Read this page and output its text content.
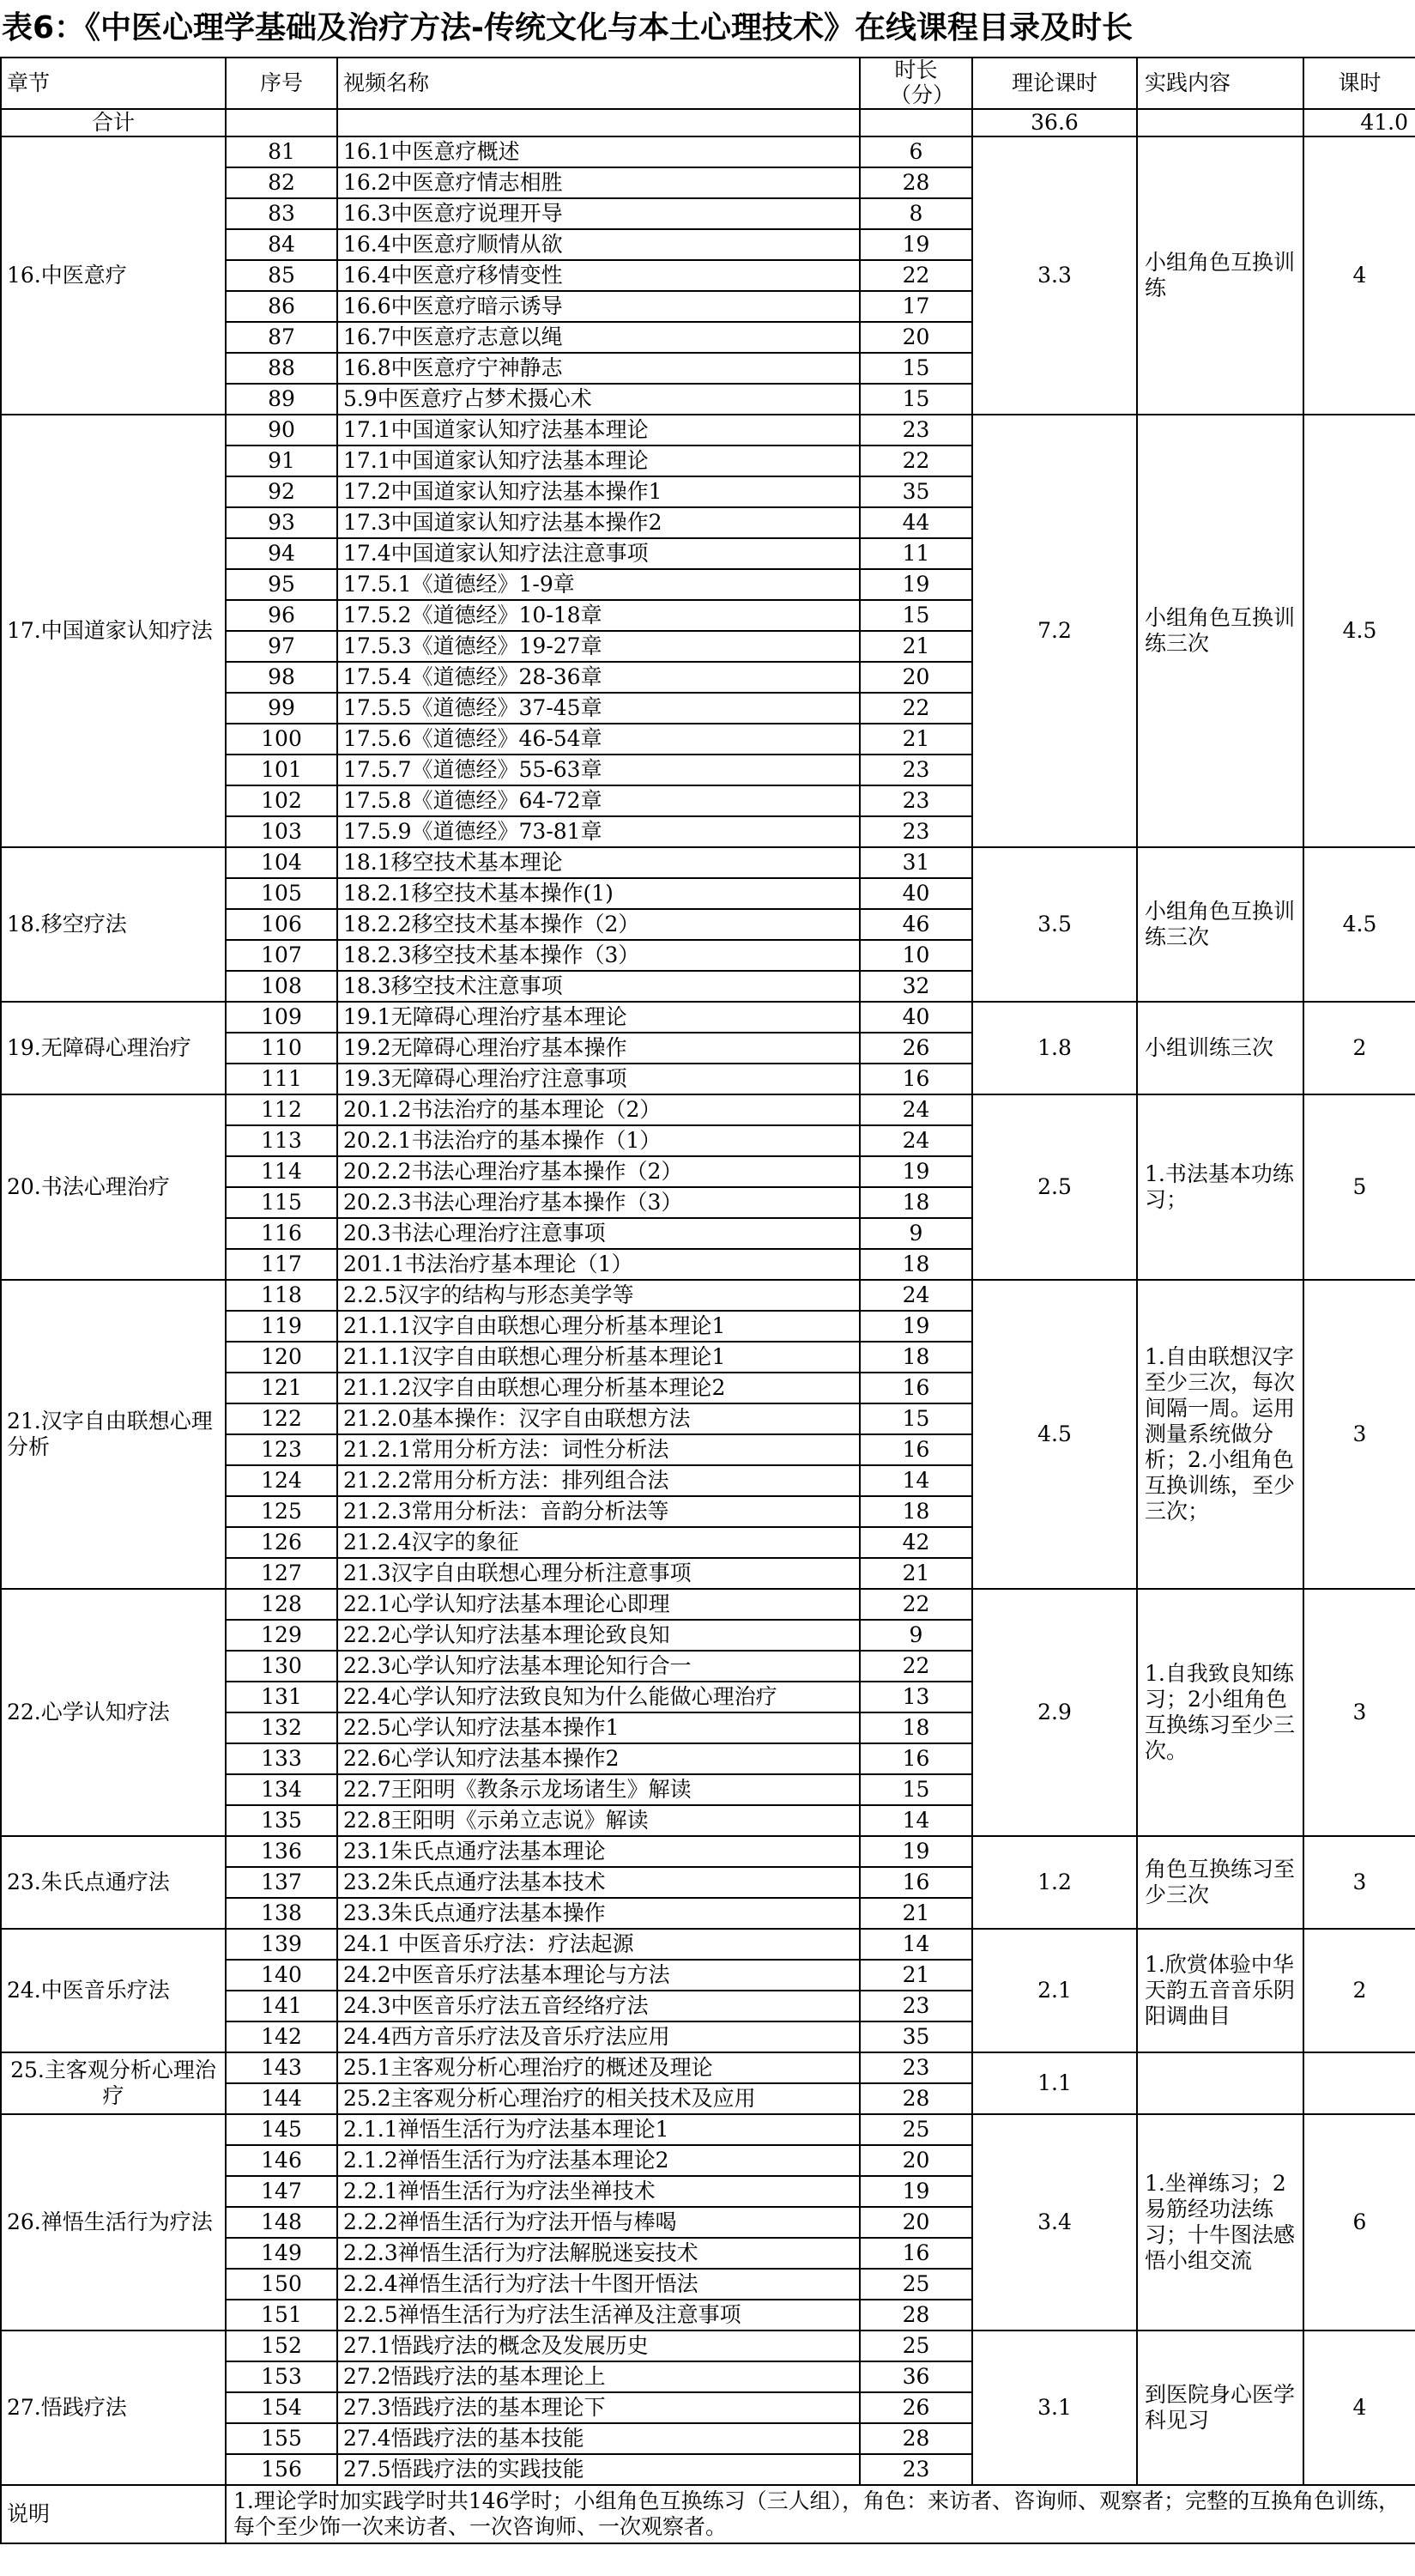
表6：《中医心理学基础及治疗方法-传统文化与本土心理技术》在线课程目录及时长
章节	序号	视频名称	时长（分）	理论课时	实践内容	课时
合计				36.6		41.0
16.中医意疗	81	16.1中医意疗概述	6	3.3	小组角色互换训练	4
	82	16.2中医意疗情志相胜	28			
	83	16.3中医意疗说理开导	8			
	84	16.4中医意疗顺情从欲	19			
	85	16.4中医意疗移情变性	22			
	86	16.6中医意疗暗示诱导	17			
	87	16.7中医意疗志意以绳	20			
	88	16.8中医意疗宁神静志	15			
	89	5.9中医意疗占梦术摄心术	15			
17.中国道家认知疗法	90	17.1中国道家认知疗法基本理论	23	7.2	小组角色互换训练三次	4.5
	91	17.1中国道家认知疗法基本理论	22			
	92	17.2中国道家认知疗法基本操作1	35			
	93	17.3中国道家认知疗法基本操作2	44			
	94	17.4中国道家认知疗法注意事项	11			
	95	17.5.1《道德经》1-9章	19			
	96	17.5.2《道德经》10-18章	15			
	97	17.5.3《道德经》19-27章	21			
	98	17.5.4《道德经》28-36章	20			
	99	17.5.5《道德经》37-45章	22			
	100	17.5.6《道德经》46-54章	21			
	101	17.5.7《道德经》55-63章	23			
	102	17.5.8《道德经》64-72章	23			
	103	17.5.9《道德经》73-81章	23			
18.移空疗法	104	18.1移空技术基本理论	31	3.5	小组角色互换训练三次	4.5
	105	18.2.1移空技术基本操作(1)	40			
	106	18.2.2移空技术基本操作（2）	46			
	107	18.2.3移空技术基本操作（3）	10			
	108	18.3移空技术注意事项	32			
19.无障碍心理治疗	109	19.1无障碍心理治疗基本理论	40	1.8	小组训练三次	2
	110	19.2无障碍心理治疗基本操作	26			
	111	19.3无障碍心理治疗注意事项	16			
20.书法心理治疗	112	20.1.2书法治疗的基本理论（2）	24	2.5	1.书法基本功练习；	5
	113	20.2.1书法治疗的基本操作（1）	24			
	114	20.2.2书法心理治疗基本操作（2）	19			
	115	20.2.3书法心理治疗基本操作（3）	18			
	116	20.3书法心理治疗注意事项	9			
	117	201.1书法治疗基本理论（1）	18			
21.汉字自由联想心理分析	118	2.2.5汉字的结构与形态美学等	24	4.5	1.自由联想汉字至少三次，每次间隔一周。运用测量系统做分析；2.小组角色互换训练，至少三次；	3
	119	21.1.1汉字自由联想心理分析基本理论1	19			
	120	21.1.1汉字自由联想心理分析基本理论1	18			
	121	21.1.2汉字自由联想心理分析基本理论2	16			
	122	21.2.0基本操作：汉字自由联想方法	15			
	123	21.2.1常用分析方法：词性分析法	16			
	124	21.2.2常用分析方法：排列组合法	14			
	125	21.2.3常用分析法：音韵分析法等	18			
	126	21.2.4汉字的象征	42			
	127	21.3汉字自由联想心理分析注意事项	21			
22.心学认知疗法	128	22.1心学认知疗法基本理论心即理	22	2.9	1.自我致良知练习；2小组角色互换练习至少三次。	3
	129	22.2心学认知疗法基本理论致良知	9			
	130	22.3心学认知疗法基本理论知行合一	22			
	131	22.4心学认知疗法致良知为什么能做心理治疗	13			
	132	22.5心学认知疗法基本操作1	18			
	133	22.6心学认知疗法基本操作2	16			
	134	22.7王阳明《教条示龙场诸生》解读	15			
	135	22.8王阳明《示弟立志说》解读	14			
23.朱氏点通疗法	136	23.1朱氏点通疗法基本理论	19	1.2	角色互换练习至少三次	3
	137	23.2朱氏点通疗法基本技术	16			
	138	23.3朱氏点通疗法基本操作	21			
24.中医音乐疗法	139	24.1 中医音乐疗法：疗法起源	14	2.1	1.欣赏体验中华天韵五音音乐阴阳调曲目	2
	140	24.2中医音乐疗法基本理论与方法	21			
	141	24.3中医音乐疗法五音经络疗法	23			
	142	24.4西方音乐疗法及音乐疗法应用	35			
25.主客观分析心理治疗	143	25.1主客观分析心理治疗的概述及理论	23	1.1		
	144	25.2主客观分析心理治疗的相关技术及应用	28			
26.禅悟生活行为疗法	145	2.1.1禅悟生活行为疗法基本理论1	25	3.4	1.坐禅练习；2易筋经功法练习；十牛图法感悟小组交流	6
	146	2.1.2禅悟生活行为疗法基本理论2	20			
	147	2.2.1禅悟生活行为疗法坐禅技术	19			
	148	2.2.2禅悟生活行为疗法开悟与棒喝	20			
	149	2.2.3禅悟生活行为疗法解脱迷妄技术	16			
	150	2.2.4禅悟生活行为疗法十牛图开悟法	25			
	151	2.2.5禅悟生活行为疗法生活禅及注意事项	28			
27.悟践疗法	152	27.1悟践疗法的概念及发展历史	25	3.1	到医院身心医学科见习	4
	153	27.2悟践疗法的基本理论上	36			
	154	27.3悟践疗法的基本理论下	26			
	155	27.4悟践疗法的基本技能	28			
	156	27.5悟践疗法的实践技能	23			
说明	1.理论学时加实践学时共146学时；小组角色互换练习（三人组），角色：来访者、咨询师、观察者；完整的互换角色训练，每个至少饰一次来访者、一次咨询师、一次观察者。					
